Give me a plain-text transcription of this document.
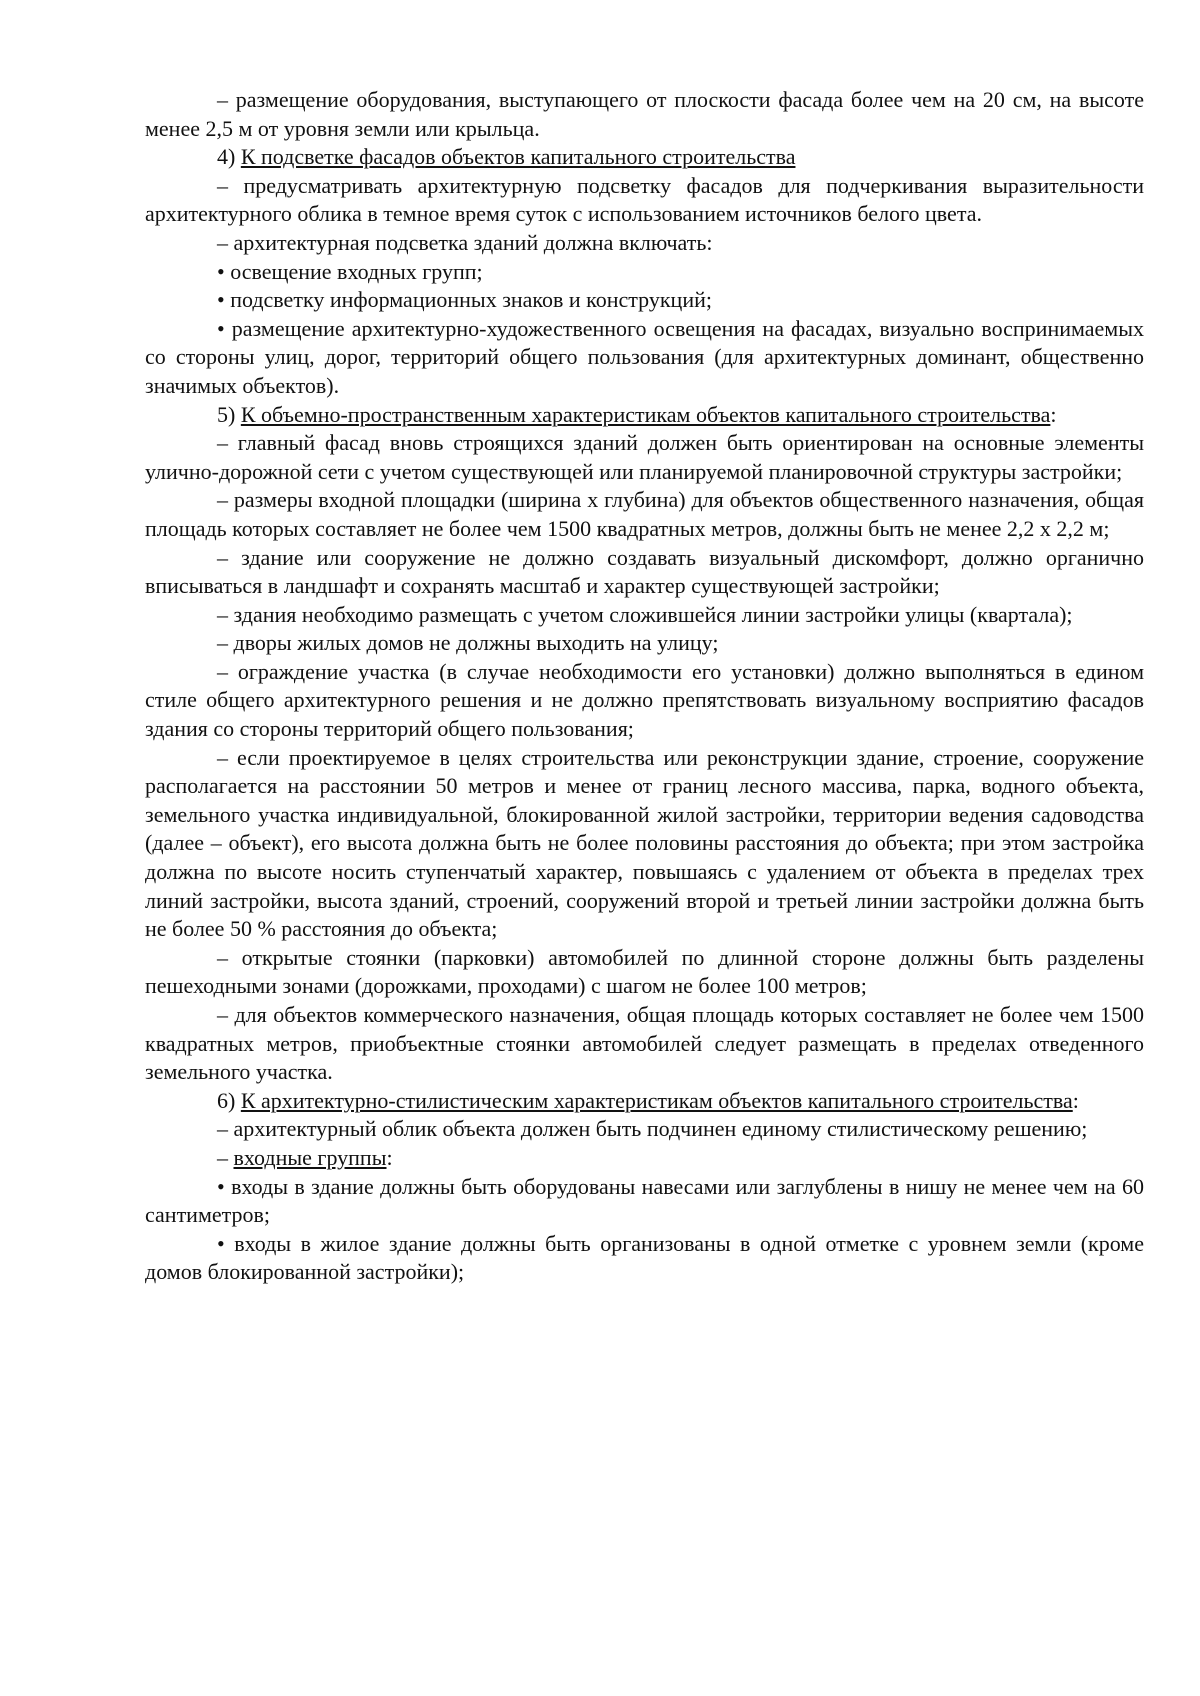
– размещение оборудования, выступающего от плоскости фасада более чем на 20 см, на высоте менее 2,5 м от уровня земли или крыльца.

4) К подсветке фасадов объектов капитального строительства

– предусматривать архитектурную подсветку фасадов для подчеркивания выразительности архитектурного облика в темное время суток с использованием источников белого цвета.

– архитектурная подсветка зданий должна включать:

• освещение входных групп;

• подсветку информационных знаков и конструкций;

• размещение архитектурно-художественного освещения на фасадах, визуально воспринимаемых со стороны улиц, дорог, территорий общего пользования (для архитектурных доминант, общественно значимых объектов).

5) К объемно-пространственным характеристикам объектов капитального строительства:

– главный фасад вновь строящихся зданий должен быть ориентирован на основные элементы улично-дорожной сети с учетом существующей или планируемой планировочной структуры застройки;

– размеры входной площадки (ширина х глубина) для объектов общественного назначения, общая площадь которых составляет не более чем 1500 квадратных метров, должны быть не менее 2,2 х 2,2 м;

– здание или сооружение не должно создавать визуальный дискомфорт, должно органично вписываться в ландшафт и сохранять масштаб и характер существующей застройки;

– здания необходимо размещать с учетом сложившейся линии застройки улицы (квартала);

– дворы жилых домов не должны выходить на улицу;

– ограждение участка (в случае необходимости его установки) должно выполняться в едином стиле общего архитектурного решения и не должно препятствовать визуальному восприятию фасадов здания со стороны территорий общего пользования;

– если проектируемое в целях строительства или реконструкции здание, строение, сооружение располагается на расстоянии 50 метров и менее от границ лесного массива, парка, водного объекта, земельного участка индивидуальной, блокированной жилой застройки, территории ведения садоводства (далее – объект), его высота должна быть не более половины расстояния до объекта; при этом застройка должна по высоте носить ступенчатый характер, повышаясь с удалением от объекта в пределах трех линий застройки, высота зданий, строений, сооружений второй и третьей линии застройки должна быть не более 50 % расстояния до объекта;

– открытые стоянки (парковки) автомобилей по длинной стороне должны быть разделены пешеходными зонами (дорожками, проходами) с шагом не более 100 метров;

– для объектов коммерческого назначения, общая площадь которых составляет не более чем 1500 квадратных метров, приобъектные стоянки автомобилей следует размещать в пределах отведенного земельного участка.

6) К архитектурно-стилистическим характеристикам объектов капитального строительства:

– архитектурный облик объекта должен быть подчинен единому стилистическому решению;

– входные группы:

• входы в здание должны быть оборудованы навесами или заглублены в нишу не менее чем на 60 сантиметров;

• входы в жилое здание должны быть организованы в одной отметке с уровнем земли (кроме домов блокированной застройки);
